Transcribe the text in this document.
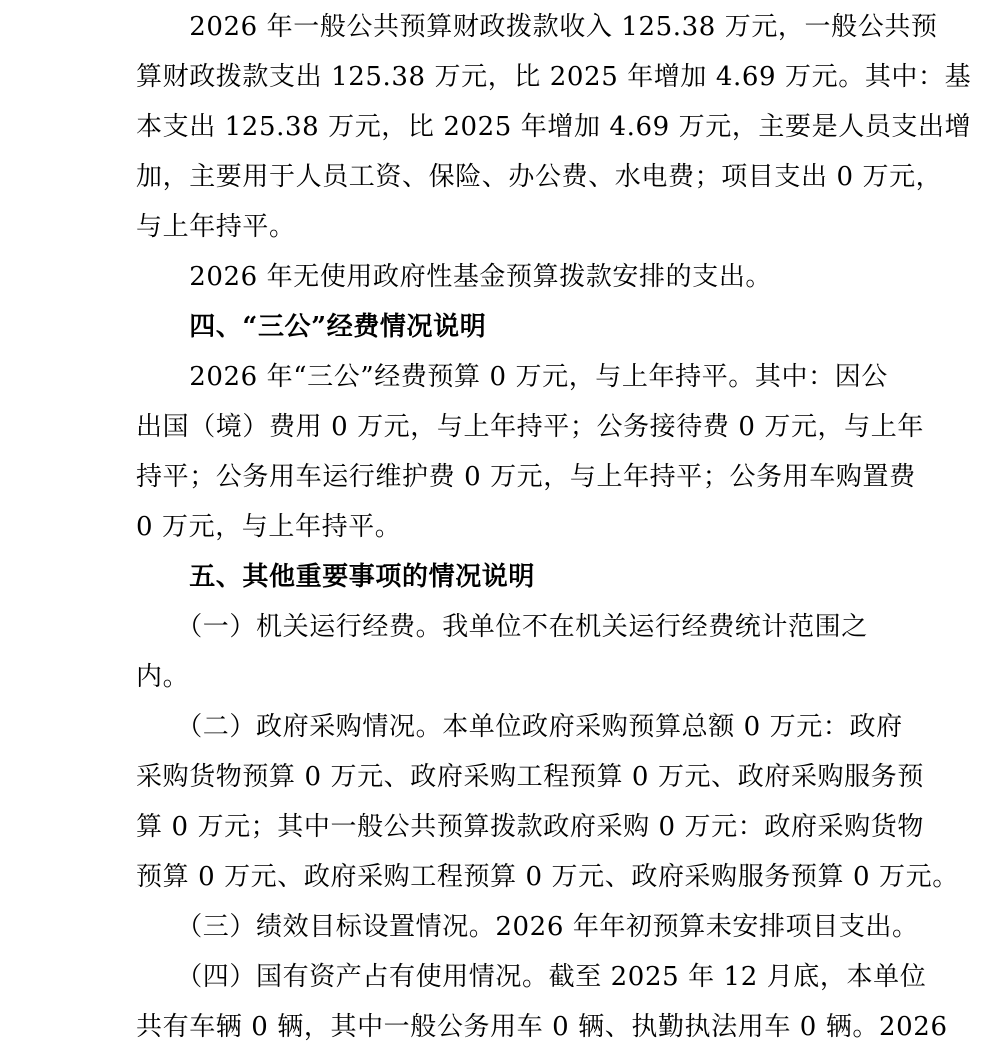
　　2026 年一般公共预算财政拨款收入 125.38 万元，一般公共预
算财政拨款支出 125.38 万元，比 2025 年增加 4.69 万元。其中：基
本支出 125.38 万元，比 2025 年增加 4.69 万元，主要是人员支出增
加，主要用于人员工资、保险、办公费、水电费；项目支出 0 万元，
与上年持平。
　　2026 年无使用政府性基金预算拨款安排的支出。
　　四、“三公”经费情况说明
　　2026 年“三公”经费预算 0 万元，与上年持平。其中：因公
出国（境）费用 0 万元，与上年持平；公务接待费 0 万元，与上年
持平；公务用车运行维护费 0 万元，与上年持平；公务用车购置费
0 万元，与上年持平。
　　五、其他重要事项的情况说明
　　（一）机关运行经费。我单位不在机关运行经费统计范围之
内。
　　（二）政府采购情况。本单位政府采购预算总额 0 万元：政府
采购货物预算 0 万元、政府采购工程预算 0 万元、政府采购服务预
算 0 万元；其中一般公共预算拨款政府采购 0 万元：政府采购货物
预算 0 万元、政府采购工程预算 0 万元、政府采购服务预算 0 万元。
　　（三）绩效目标设置情况。2026 年年初预算未安排项目支出。
　　（四）国有资产占有使用情况。截至 2025 年 12 月底，本单位
共有车辆 0 辆，其中一般公务用车 0 辆、执勤执法用车 0 辆。2026
